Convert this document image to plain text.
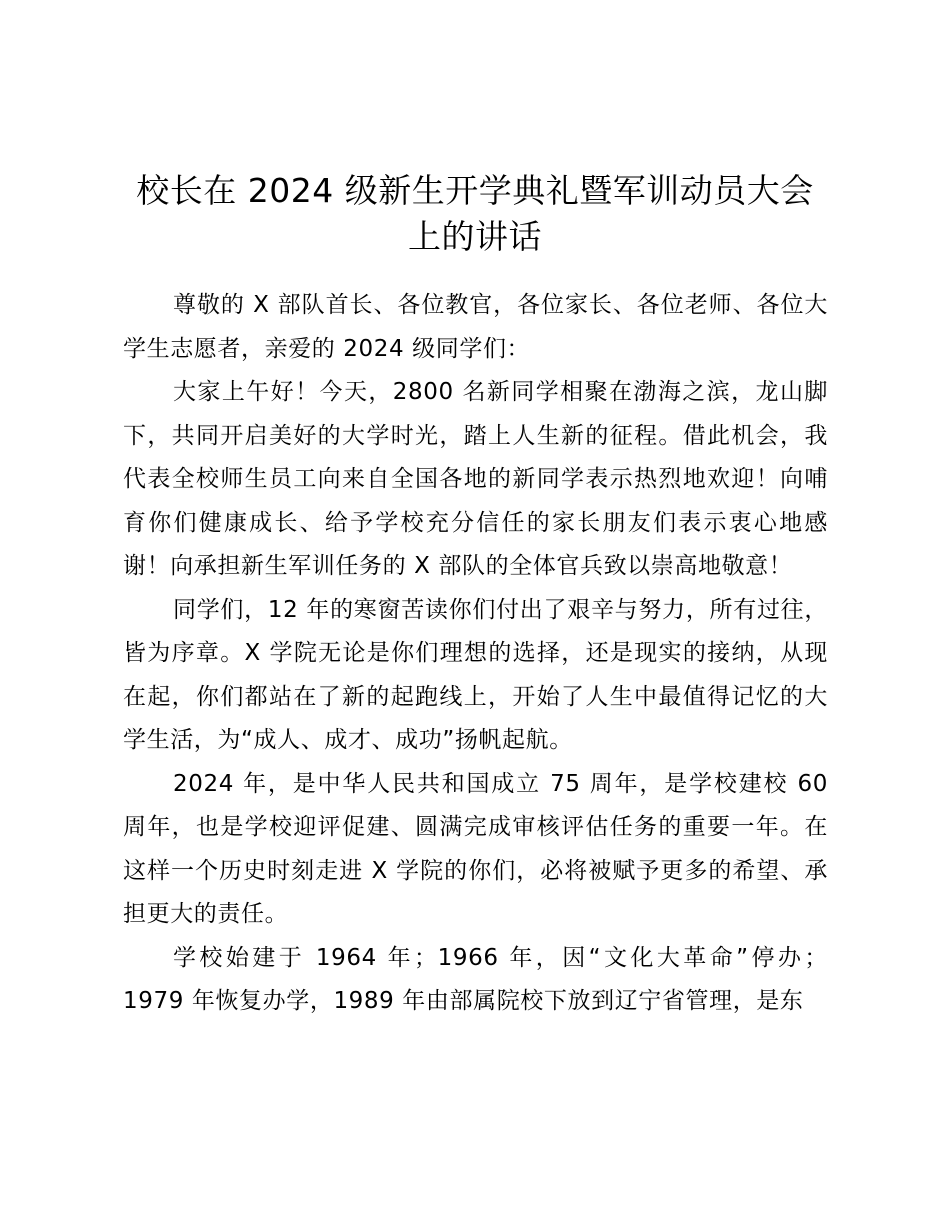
校长在 2024 级新生开学典礼暨军训动员大会上的讲话

尊敬的 X 部队首长、各位教官，各位家长、各位老师、各位大学生志愿者，亲爱的 2024 级同学们：

大家上午好！今天，2800 名新同学相聚在渤海之滨，龙山脚下，共同开启美好的大学时光，踏上人生新的征程。借此机会，我代表全校师生员工向来自全国各地的新同学表示热烈地欢迎！向哺育你们健康成长、给予学校充分信任的家长朋友们表示衷心地感谢！向承担新生军训任务的 X 部队的全体官兵致以崇高地敬意！

同学们，12 年的寒窗苦读你们付出了艰辛与努力，所有过往，皆为序章。X 学院无论是你们理想的选择，还是现实的接纳，从现在起，你们都站在了新的起跑线上，开始了人生中最值得记忆的大学生活，为“成人、成才、成功”扬帆起航。

2024 年，是中华人民共和国成立 75 周年，是学校建校 60 周年，也是学校迎评促建、圆满完成审核评估任务的重要一年。在这样一个历史时刻走进 X 学院的你们，必将被赋予更多的希望、承担更大的责任。

学校始建于 1964 年；1966 年，因“文化大革命”停办；1979 年恢复办学，1989 年由部属院校下放到辽宁省管理，是东
